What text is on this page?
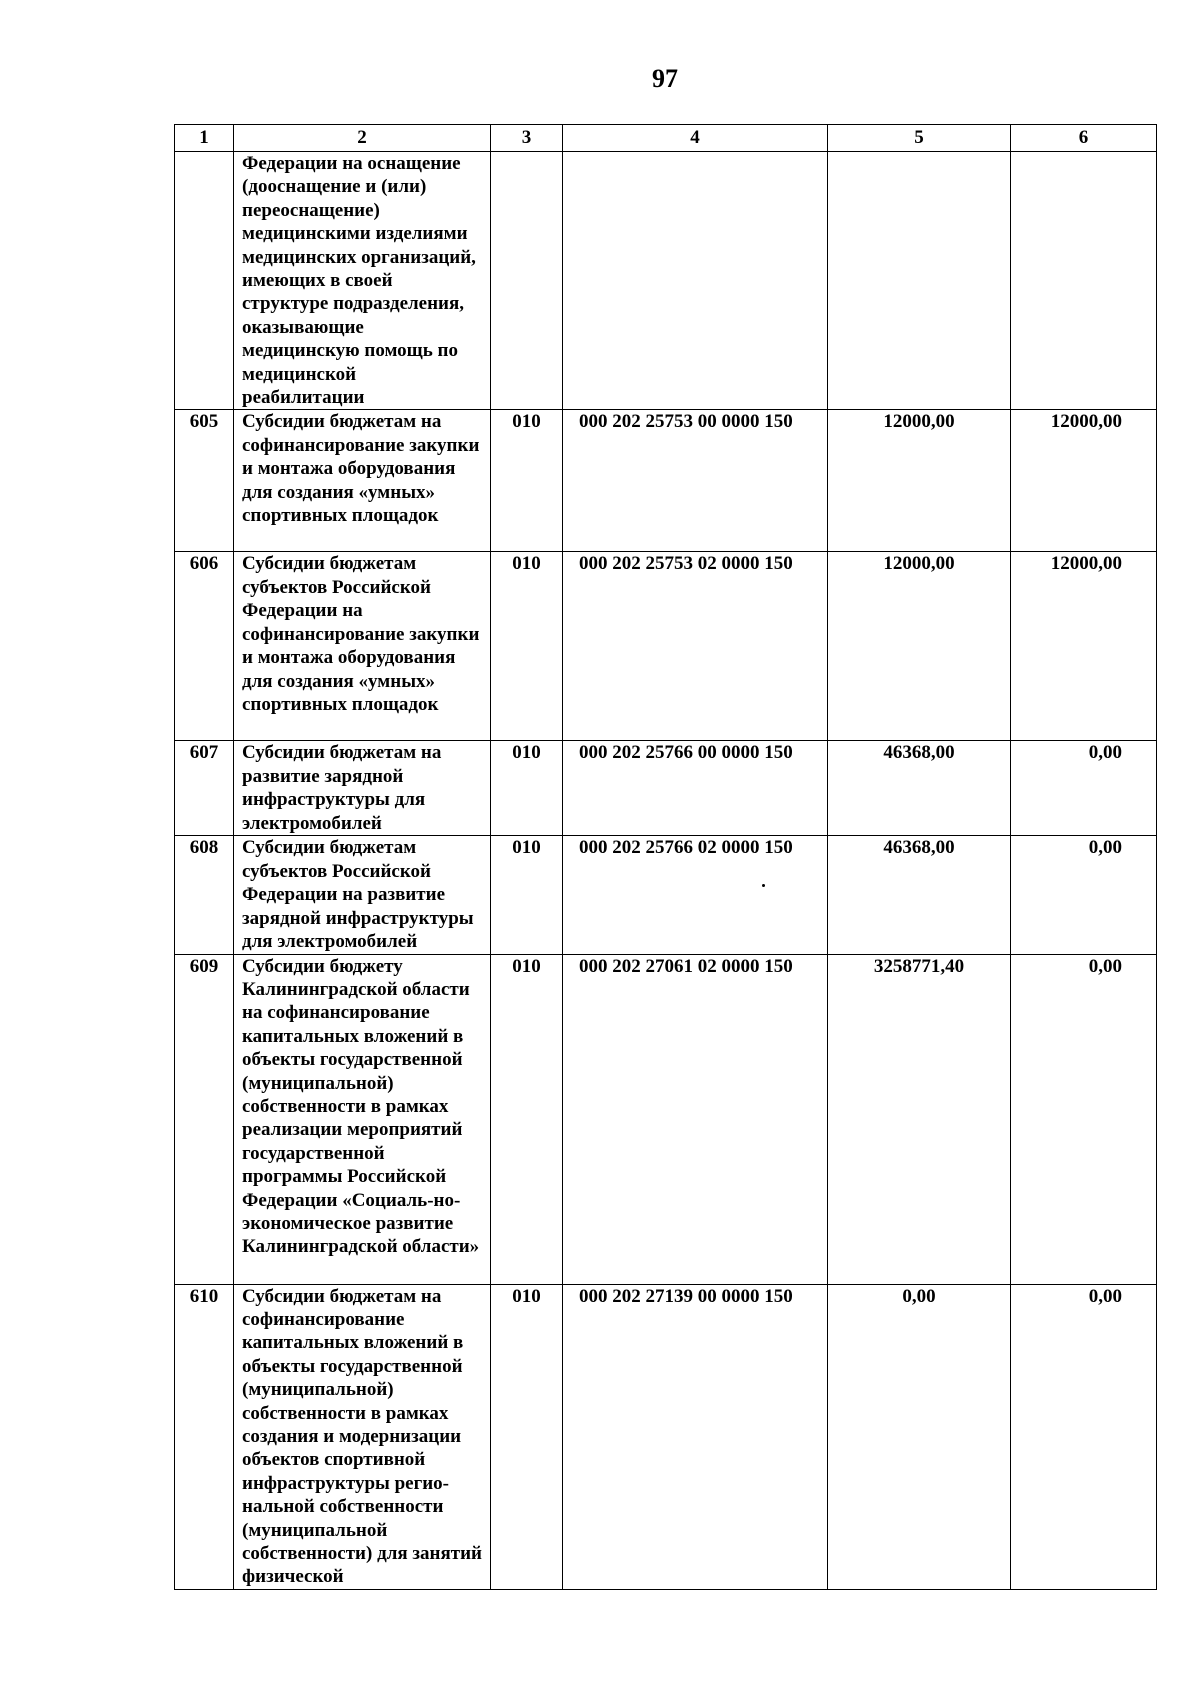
97
1	2	3	4	5	6
	Федерации на оснащение (дооснащение и (или) переоснащение) медицинскими изделиями медицинских организаций, имеющих в своей структуре подразделения, оказывающие медицинскую помощь по медицинской реабилитации				
605	Субсидии бюджетам на софинансирование закупки и монтажа оборудования для создания «умных» спортивных площадок	010	000 202 25753 00 0000 150	12000,00	12000,00
606	Субсидии бюджетам субъектов Российской Федерации на софинансирование закупки и монтажа оборудования для создания «умных» спортивных площадок	010	000 202 25753 02 0000 150	12000,00	12000,00
607	Субсидии бюджетам на развитие зарядной инфраструктуры для электромобилей	010	000 202 25766 00 0000 150	46368,00	0,00
608	Субсидии бюджетам субъектов Российской Федерации на развитие зарядной инфраструктуры для электромобилей	010	000 202 25766 02 0000 150	46368,00	0,00
609	Субсидии бюджету Калининградской области на софинансирование капитальных вложений в объекты государственной (муниципальной) собственности в рамках реализации мероприятий государственной программы Российской Федерации «Социаль-но-экономическое развитие Калининградской области»	010	000 202 27061 02 0000 150	3258771,40	0,00
610	Субсидии бюджетам на софинансирование капитальных вложений в объекты государственной (муниципальной) собственности в рамках создания и модернизации объектов спортивной инфраструктуры регио-нальной собственности (муниципальной собственности) для занятий физической	010	000 202 27139 00 0000 150	0,00	0,00
